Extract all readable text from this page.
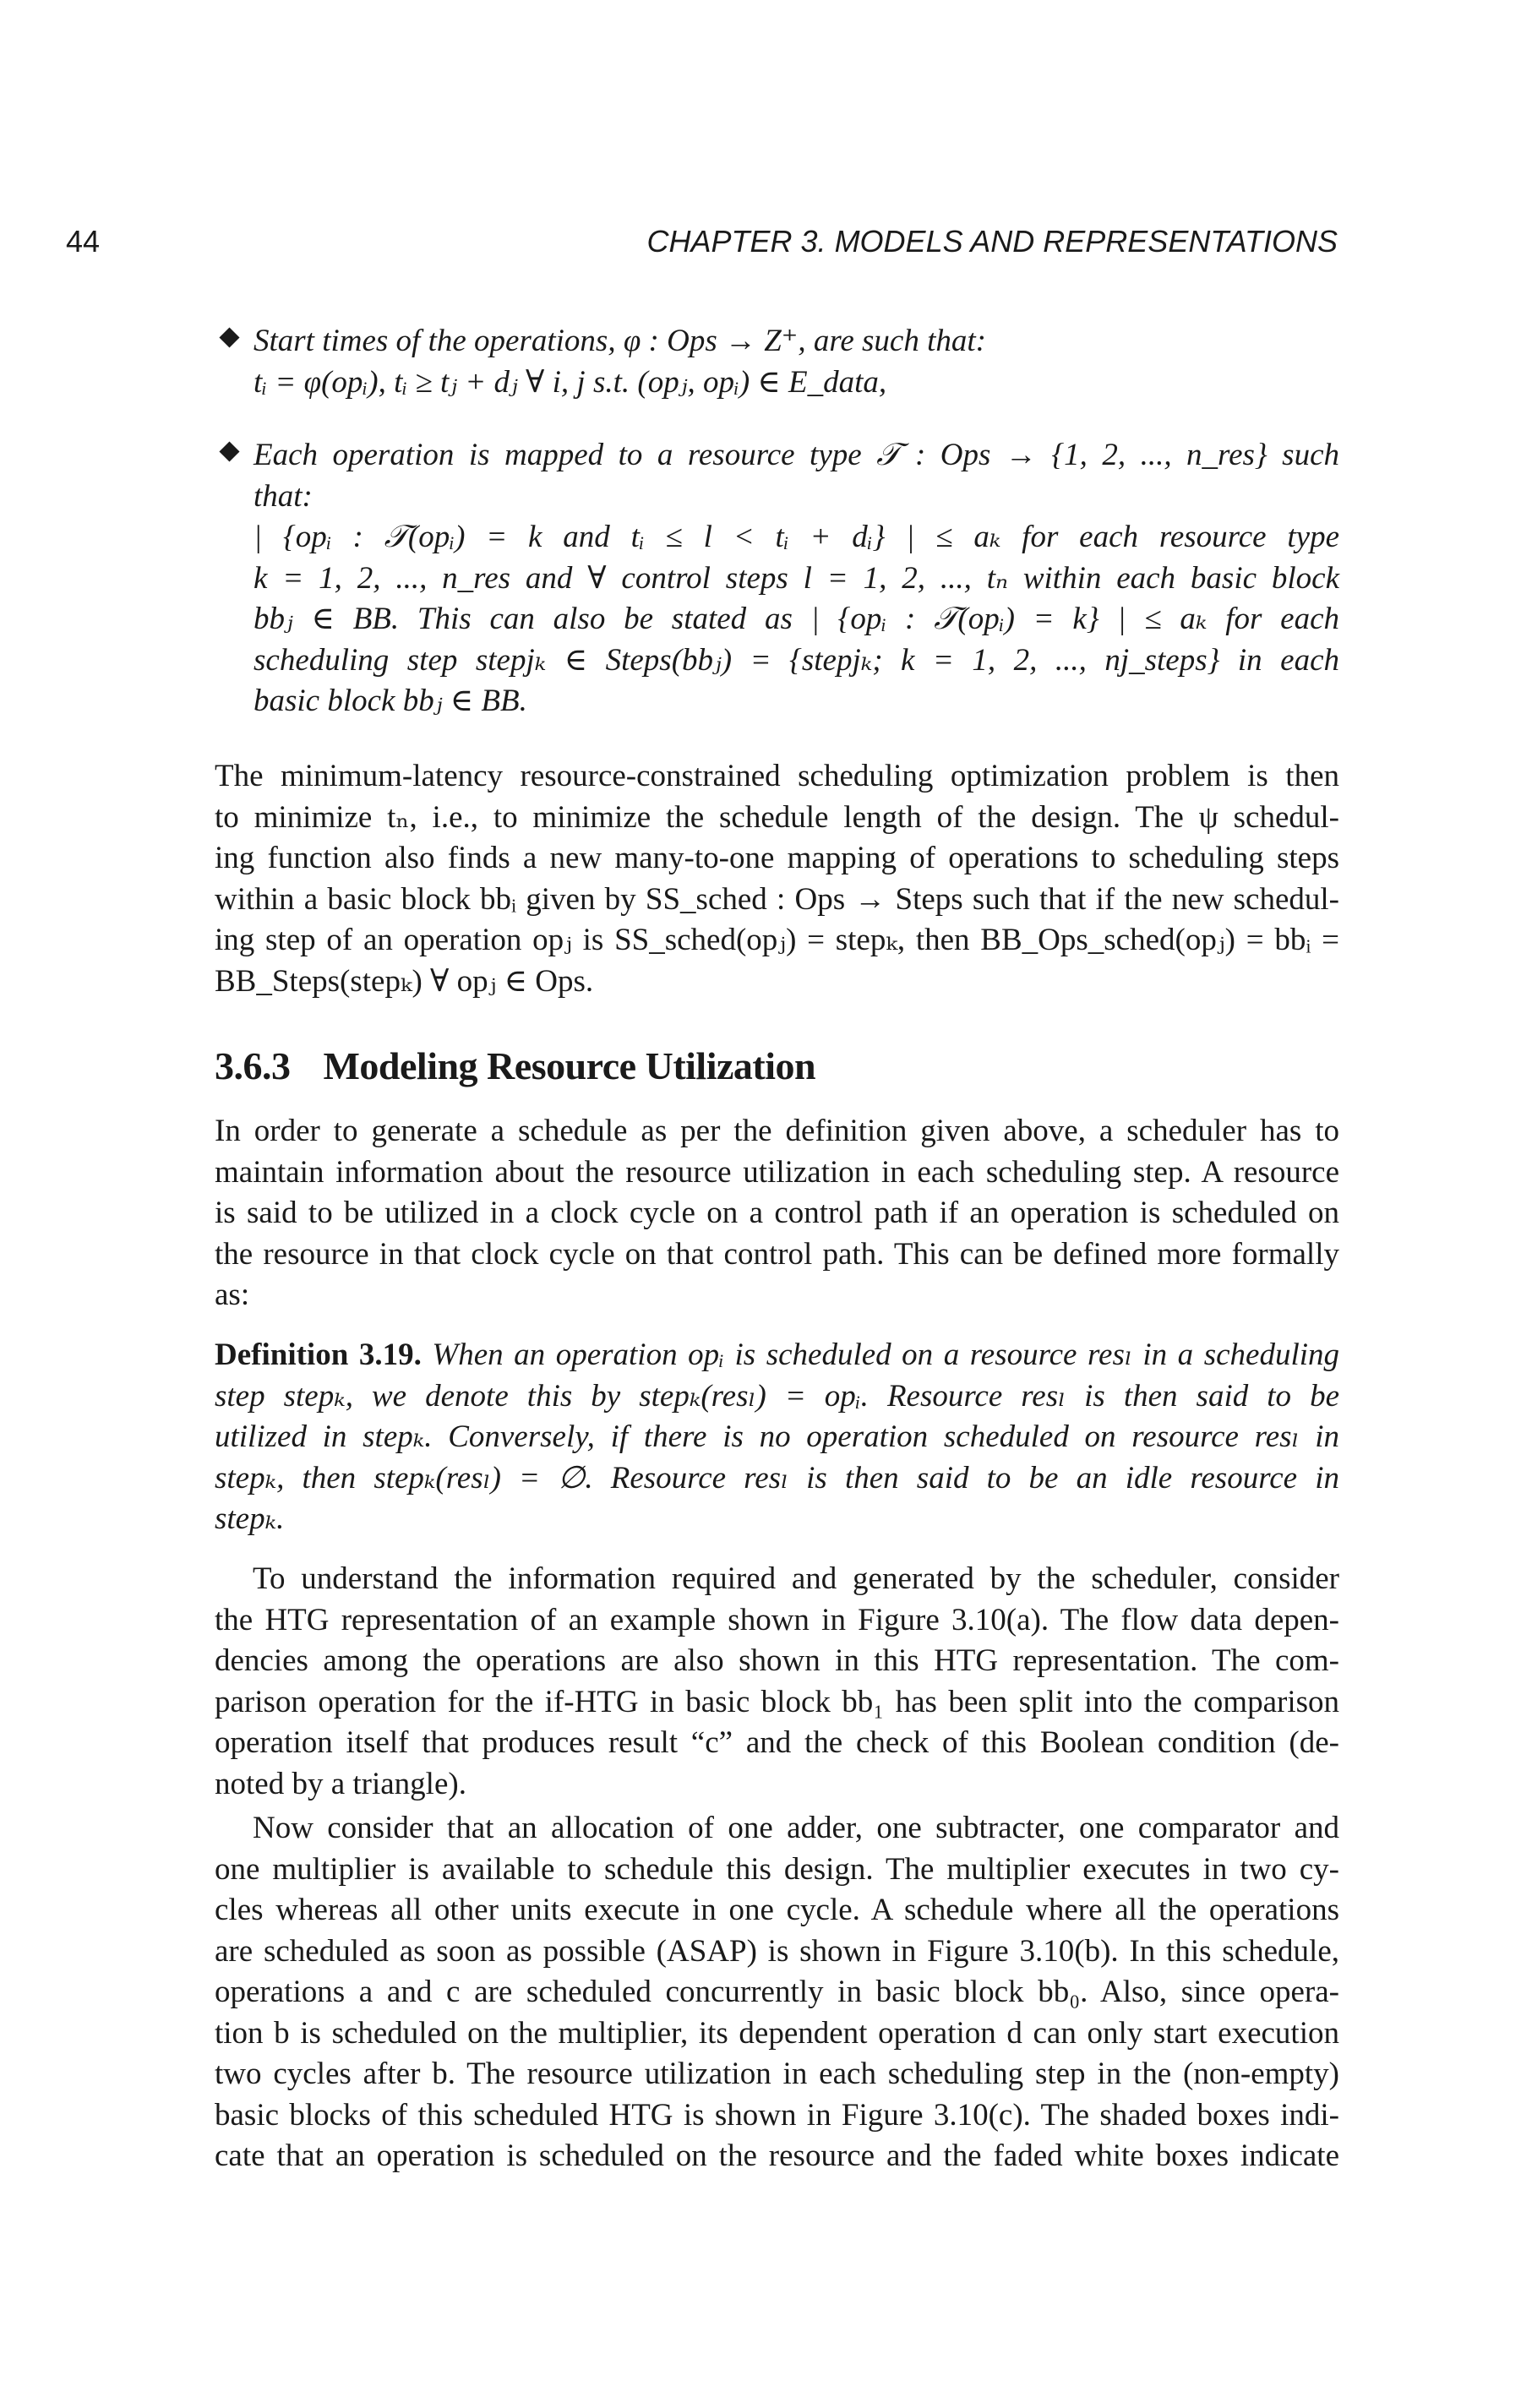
44	CHAPTER 3. MODELS AND REPRESENTATIONS
Start times of the operations, φ : Ops → Z⁺, are such that:
tᵢ = φ(opᵢ), tᵢ ≥ tⱼ + dⱼ ∀ i, j s.t. (opⱼ, opᵢ) ∈ E_data,
Each operation is mapped to a resource type 𝒯 : Ops → {1, 2, ..., n_res} such
that:
| {opᵢ : 𝒯(opᵢ) = k and tᵢ ≤ l < tᵢ + dᵢ} | ≤ aₖ for each resource type
k = 1, 2, ..., n_res and ∀ control steps l = 1, 2, ..., tₙ within each basic block
bbⱼ ∈ BB. This can also be stated as | {opᵢ : 𝒯(opᵢ) = k} | ≤ aₖ for each
scheduling step stepjₖ ∈ Steps(bbⱼ) = {stepjₖ; k = 1, 2, ..., nj_steps} in each
basic block bbⱼ ∈ BB.
The minimum-latency resource-constrained scheduling optimization problem is then
to minimize tₙ, i.e., to minimize the schedule length of the design. The ψ schedul-
ing function also finds a new many-to-one mapping of operations to scheduling steps
within a basic block bbᵢ given by SS_sched : Ops → Steps such that if the new schedul-
ing step of an operation opⱼ is SS_sched(opⱼ) = stepₖ, then BB_Ops_sched(opⱼ) = bbᵢ =
BB_Steps(stepₖ) ∀ opⱼ ∈ Ops.
3.6.3 Modeling Resource Utilization
In order to generate a schedule as per the definition given above, a scheduler has to
maintain information about the resource utilization in each scheduling step. A resource
is said to be utilized in a clock cycle on a control path if an operation is scheduled on
the resource in that clock cycle on that control path. This can be defined more formally
as:
Definition 3.19. When an operation opᵢ is scheduled on a resource resₗ in a scheduling
step stepₖ, we denote this by stepₖ(resₗ) = opᵢ. Resource resₗ is then said to be
utilized in stepₖ. Conversely, if there is no operation scheduled on resource resₗ in
stepₖ, then stepₖ(resₗ) = ∅. Resource resₗ is then said to be an idle resource in
stepₖ.
To understand the information required and generated by the scheduler, consider
the HTG representation of an example shown in Figure 3.10(a). The flow data depen-
dencies among the operations are also shown in this HTG representation. The com-
parison operation for the if-HTG in basic block bb₁ has been split into the comparison
operation itself that produces result “c” and the check of this Boolean condition (de-
noted by a triangle).
Now consider that an allocation of one adder, one subtracter, one comparator and
one multiplier is available to schedule this design. The multiplier executes in two cy-
cles whereas all other units execute in one cycle. A schedule where all the operations
are scheduled as soon as possible (ASAP) is shown in Figure 3.10(b). In this schedule,
operations a and c are scheduled concurrently in basic block bb₀. Also, since opera-
tion b is scheduled on the multiplier, its dependent operation d can only start execution
two cycles after b. The resource utilization in each scheduling step in the (non-empty)
basic blocks of this scheduled HTG is shown in Figure 3.10(c). The shaded boxes indi-
cate that an operation is scheduled on the resource and the faded white boxes indicate
